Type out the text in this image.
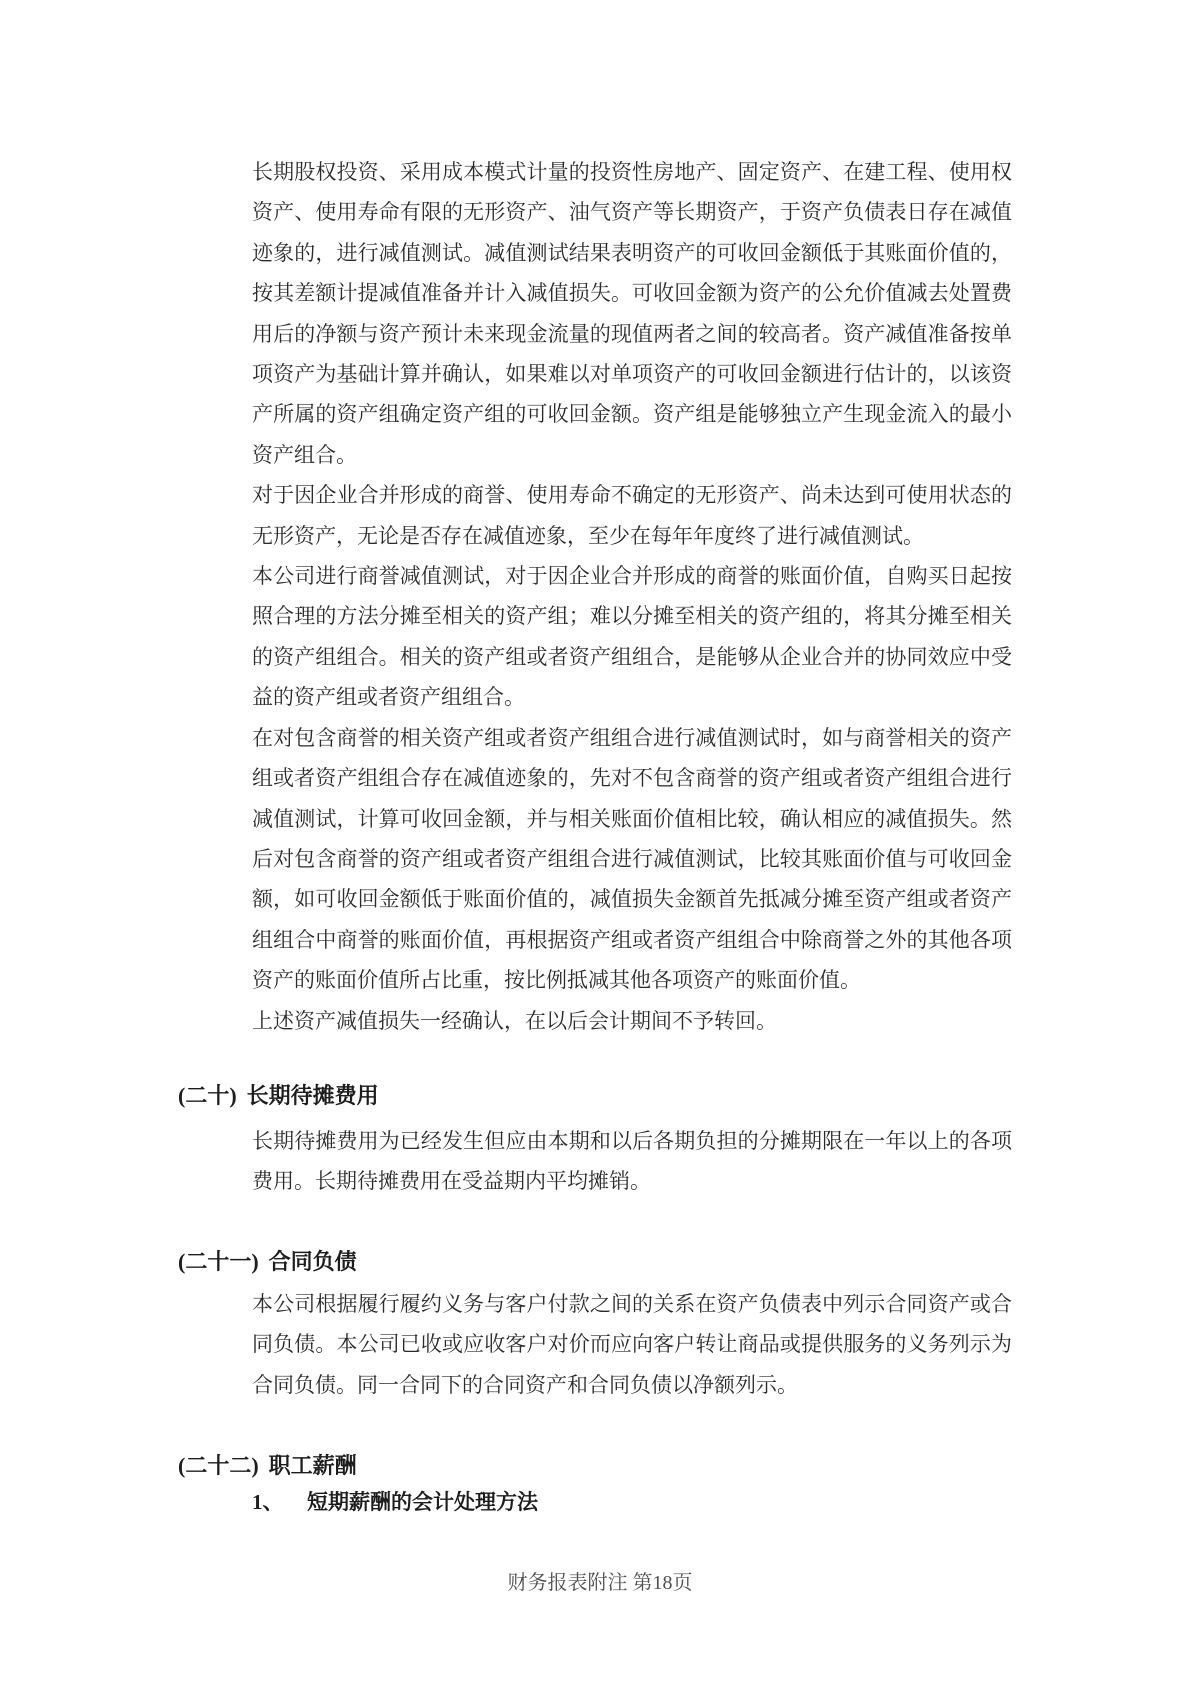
长期股权投资、采用成本模式计量的投资性房地产、固定资产、在建工程、使用权资产、使用寿命有限的无形资产、油气资产等长期资产，于资产负债表日存在减值迹象的，进行减值测试。减值测试结果表明资产的可收回金额低于其账面价值的，按其差额计提减值准备并计入减值损失。可收回金额为资产的公允价值减去处置费用后的净额与资产预计未来现金流量的现值两者之间的较高者。资产减值准备按单项资产为基础计算并确认，如果难以对单项资产的可收回金额进行估计的，以该资产所属的资产组确定资产组的可收回金额。资产组是能够独立产生现金流入的最小资产组合。

对于因企业合并形成的商誉、使用寿命不确定的无形资产、尚未达到可使用状态的无形资产，无论是否存在减值迹象，至少在每年年度终了进行减值测试。

本公司进行商誉减值测试，对于因企业合并形成的商誉的账面价值，自购买日起按照合理的方法分摊至相关的资产组；难以分摊至相关的资产组的，将其分摊至相关的资产组组合。相关的资产组或者资产组组合，是能够从企业合并的协同效应中受益的资产组或者资产组组合。

在对包含商誉的相关资产组或者资产组组合进行减值测试时，如与商誉相关的资产组或者资产组组合存在减值迹象的，先对不包含商誉的资产组或者资产组组合进行减值测试，计算可收回金额，并与相关账面价值相比较，确认相应的减值损失。然后对包含商誉的资产组或者资产组组合进行减值测试，比较其账面价值与可收回金额，如可收回金额低于账面价值的，减值损失金额首先抵减分摊至资产组或者资产组组合中商誉的账面价值，再根据资产组或者资产组组合中除商誉之外的其他各项资产的账面价值所占比重，按比例抵减其他各项资产的账面价值。

上述资产减值损失一经确认，在以后会计期间不予转回。

(二十) 长期待摊费用

长期待摊费用为已经发生但应由本期和以后各期负担的分摊期限在一年以上的各项费用。长期待摊费用在受益期内平均摊销。

(二十一) 合同负债

本公司根据履行履约义务与客户付款之间的关系在资产负债表中列示合同资产或合同负债。本公司已收或应收客户对价而应向客户转让商品或提供服务的义务列示为合同负债。同一合同下的合同资产和合同负债以净额列示。

(二十二) 职工薪酬
1、 短期薪酬的会计处理方法
财务报表附注 第18页
